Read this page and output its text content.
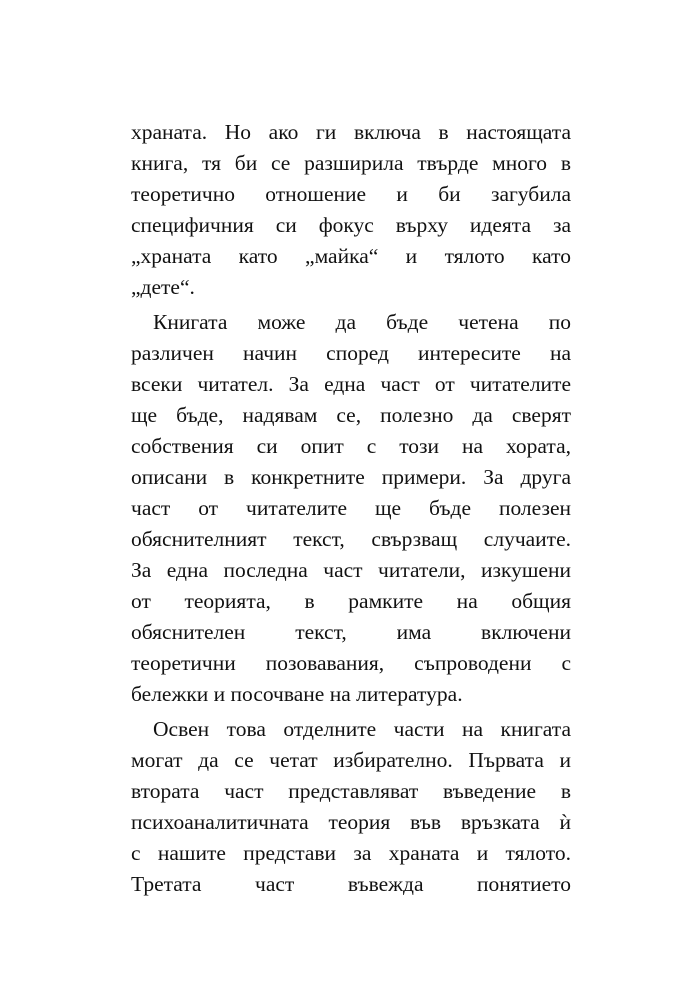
храната. Но ако ги включа в настоящата
книга, тя би се разширила твърде много в
теоретично отношение и би загубила
специфичния си фокус върху идеята за
„храната като „майка“ и тялото като
„дете“.
Книгата може да бъде четена по
различен начин според интересите на
всеки читател. За една част от читателите
ще бъде, надявам се, полезно да сверят
собствения си опит с този на хората,
описани в конкретните примери. За друга
част от читателите ще бъде полезен
обяснителният текст, свързващ случаите.
За една последна част читатели, изкушени
от теорията, в рамките на общия
обяснителен текст, има включени
теоретични позовавания, съпроводени с
бележки и посочване на литература.
Освен това отделните части на книгата
могат да се четат избирателно. Първата и
втората част представляват въведение в
психоаналитичната теория във връзката ѝ
с нашите представи за храната и тялото.
Третата част въвежда понятието
